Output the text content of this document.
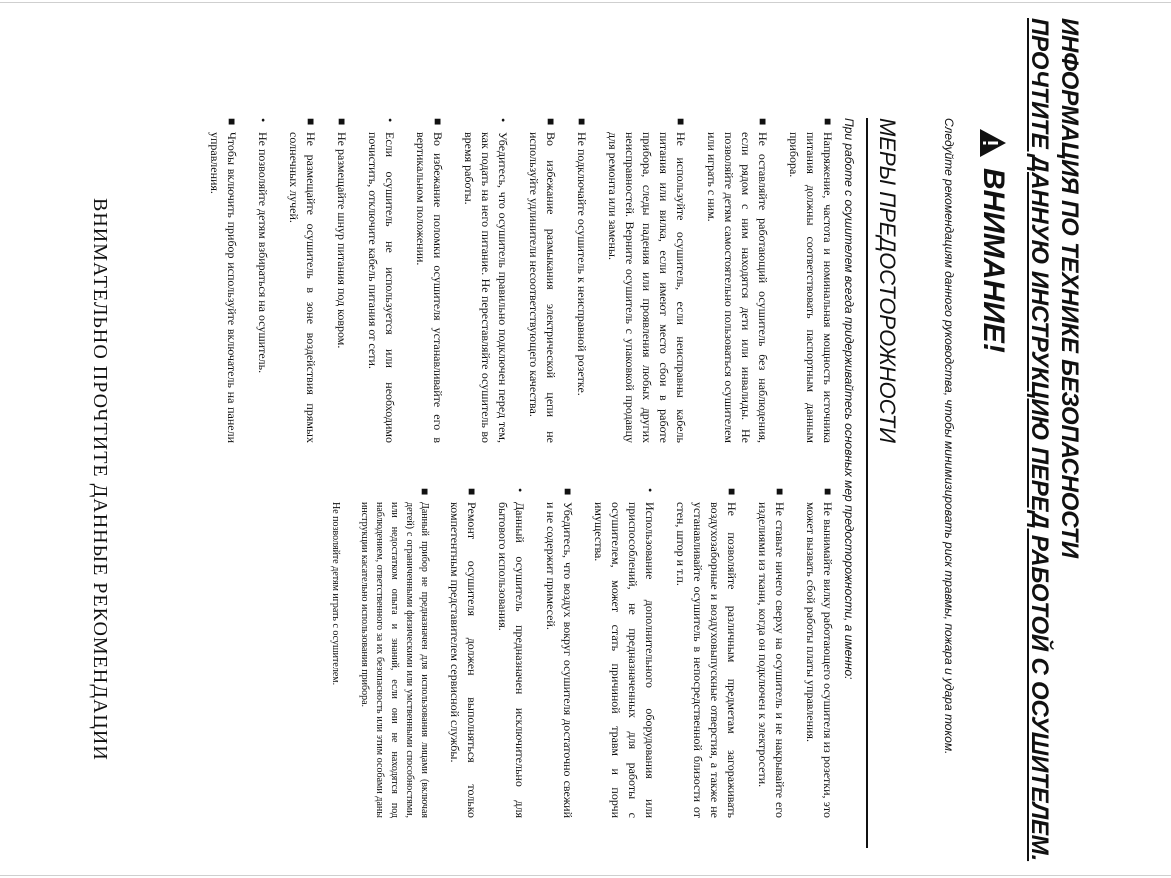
ИНФОРМАЦИЯ ПО ТЕХНИКЕ БЕЗОПАСНОСТИ
ПРОЧТИТЕ ДАННУЮ ИНСТРУКЦИЮ ПЕРЕД РАБОТОЙ С ОСУШИТЕЛЕМ.
ВНИМАНИЕ!
Следуйте рекомендациям данного руководства, чтобы минимизировать риск травмы, пожара и удара током.
МЕРЫ ПРЕДОСТОРОЖНОСТИ
При работе с осушителем всегда придерживайтесь основных мер предосторожности, а именно:
■
Напряжение, частота и номинальная мощность источника питания должны соответствовать паспортным данным прибора.
■
Не оставляйте работающий осушитель без наблюдения, если рядом с ним находятся дети или инвалиды. Не позволяйте детям самостоятельно пользоваться осушителем или играть с ним.
■
Не используйте осушитель, если неисправны кабель питания или вилка, если имеют место сбои в работе прибора, следы падения или проявления любых других неисправностей. Верните осушитель с упаковкой продавцу для ремонта или замены.
■
Не подключайте осушитель к неисправной розетке.
■
Во избежание размыкания электрической цепи не используйте удлинители несоответствующего качества.
•
Убедитесь, что осушитель правильно подключен перед тем, как подать на него питание. Не переставляйте осушитель во время работы.
■
Во избежание поломки осушителя устанавливайте его в вертикальном положении.
•
Если осушитель не используется или необходимо почистить, отключите кабель питания от сети.
■
Не размещайте шнур питания под ковром.
■
Не размещайте осушитель в зоне воздействия прямых солнечных лучей.
•
Не позволяйте детям взбираться на осушитель.
■
Чтобы включить прибор используйте включатель на панели управления.
■
Не вынимайте вилку работающего осушителя из розетки, это может вызвать сбой работы платы управления.
■
Не ставьте ничего сверху на осушитель и не накрывайте его изделиями из ткани, когда он подключен к электросети.
■
Не позволяйте различным предметам загораживать воздухозаборные и воздуховыпускные отверстия, а также не устанавливайте осушитель в непосредственной близости от стен, штор и т.п.
•
Использование дополнительного оборудования или приспособлений, не предназначенных для работы с осушителем, может стать причиной травм и порчи имущества.
■
Убедитесь, что воздух вокруг осушителя достаточно свежий и не содержит примесей.
•
Данный осушитель предназначен исключительно для бытового использования.
■
Ремонт осушителя должен выполняться только компетентным представителем сервисной службы.
■
Данный прибор не предназначен для использования лицами (включая детей) с ограниченными физическими или умственными способностями, или недостатком опыта и знаний, если они не находятся под наблюдением, ответственного за их безопасность или этим особами даны инструкции касательно использования прибора.
Не позволяйте детям играть с осушителем.
ВНИМАТЕЛЬНО ПРОЧТИТЕ ДАННЫЕ РЕКОМЕНДАЦИИ
